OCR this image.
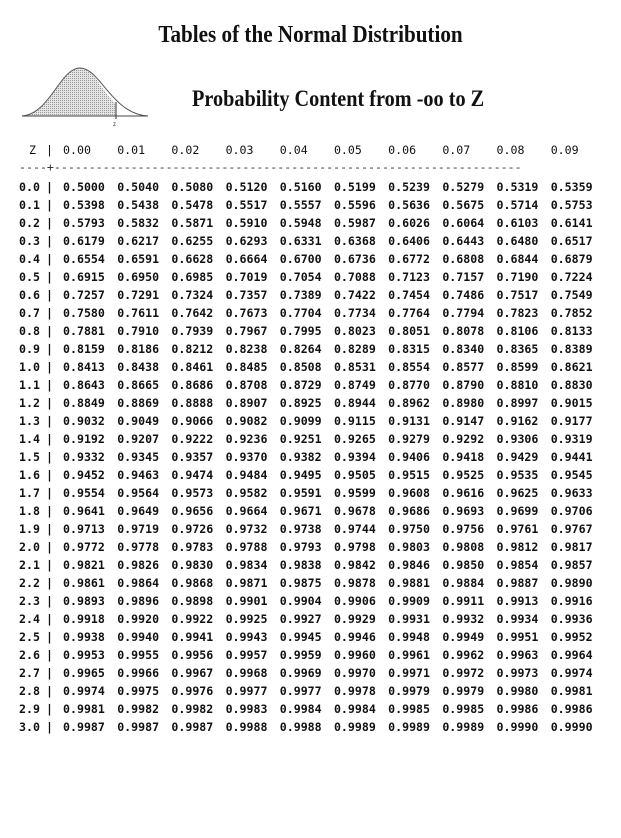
Tables of the Normal Distribution
z
Probability Content from -oo to Z
Z | 0.00 0.01 0.02 0.03 0.04 0.05 0.06 0.07 0.08 0.09
----+-------------------------------------------------------------------
0.0 | 0.5000 0.5040 0.5080 0.5120 0.5160 0.5199 0.5239 0.5279 0.5319 0.5359
0.1 | 0.5398 0.5438 0.5478 0.5517 0.5557 0.5596 0.5636 0.5675 0.5714 0.5753
0.2 | 0.5793 0.5832 0.5871 0.5910 0.5948 0.5987 0.6026 0.6064 0.6103 0.6141
0.3 | 0.6179 0.6217 0.6255 0.6293 0.6331 0.6368 0.6406 0.6443 0.6480 0.6517
0.4 | 0.6554 0.6591 0.6628 0.6664 0.6700 0.6736 0.6772 0.6808 0.6844 0.6879
0.5 | 0.6915 0.6950 0.6985 0.7019 0.7054 0.7088 0.7123 0.7157 0.7190 0.7224
0.6 | 0.7257 0.7291 0.7324 0.7357 0.7389 0.7422 0.7454 0.7486 0.7517 0.7549
0.7 | 0.7580 0.7611 0.7642 0.7673 0.7704 0.7734 0.7764 0.7794 0.7823 0.7852
0.8 | 0.7881 0.7910 0.7939 0.7967 0.7995 0.8023 0.8051 0.8078 0.8106 0.8133
0.9 | 0.8159 0.8186 0.8212 0.8238 0.8264 0.8289 0.8315 0.8340 0.8365 0.8389
1.0 | 0.8413 0.8438 0.8461 0.8485 0.8508 0.8531 0.8554 0.8577 0.8599 0.8621
1.1 | 0.8643 0.8665 0.8686 0.8708 0.8729 0.8749 0.8770 0.8790 0.8810 0.8830
1.2 | 0.8849 0.8869 0.8888 0.8907 0.8925 0.8944 0.8962 0.8980 0.8997 0.9015
1.3 | 0.9032 0.9049 0.9066 0.9082 0.9099 0.9115 0.9131 0.9147 0.9162 0.9177
1.4 | 0.9192 0.9207 0.9222 0.9236 0.9251 0.9265 0.9279 0.9292 0.9306 0.9319
1.5 | 0.9332 0.9345 0.9357 0.9370 0.9382 0.9394 0.9406 0.9418 0.9429 0.9441
1.6 | 0.9452 0.9463 0.9474 0.9484 0.9495 0.9505 0.9515 0.9525 0.9535 0.9545
1.7 | 0.9554 0.9564 0.9573 0.9582 0.9591 0.9599 0.9608 0.9616 0.9625 0.9633
1.8 | 0.9641 0.9649 0.9656 0.9664 0.9671 0.9678 0.9686 0.9693 0.9699 0.9706
1.9 | 0.9713 0.9719 0.9726 0.9732 0.9738 0.9744 0.9750 0.9756 0.9761 0.9767
2.0 | 0.9772 0.9778 0.9783 0.9788 0.9793 0.9798 0.9803 0.9808 0.9812 0.9817
2.1 | 0.9821 0.9826 0.9830 0.9834 0.9838 0.9842 0.9846 0.9850 0.9854 0.9857
2.2 | 0.9861 0.9864 0.9868 0.9871 0.9875 0.9878 0.9881 0.9884 0.9887 0.9890
2.3 | 0.9893 0.9896 0.9898 0.9901 0.9904 0.9906 0.9909 0.9911 0.9913 0.9916
2.4 | 0.9918 0.9920 0.9922 0.9925 0.9927 0.9929 0.9931 0.9932 0.9934 0.9936
2.5 | 0.9938 0.9940 0.9941 0.9943 0.9945 0.9946 0.9948 0.9949 0.9951 0.9952
2.6 | 0.9953 0.9955 0.9956 0.9957 0.9959 0.9960 0.9961 0.9962 0.9963 0.9964
2.7 | 0.9965 0.9966 0.9967 0.9968 0.9969 0.9970 0.9971 0.9972 0.9973 0.9974
2.8 | 0.9974 0.9975 0.9976 0.9977 0.9977 0.9978 0.9979 0.9979 0.9980 0.9981
2.9 | 0.9981 0.9982 0.9982 0.9983 0.9984 0.9984 0.9985 0.9985 0.9986 0.9986
3.0 | 0.9987 0.9987 0.9987 0.9988 0.9988 0.9989 0.9989 0.9989 0.9990 0.9990
